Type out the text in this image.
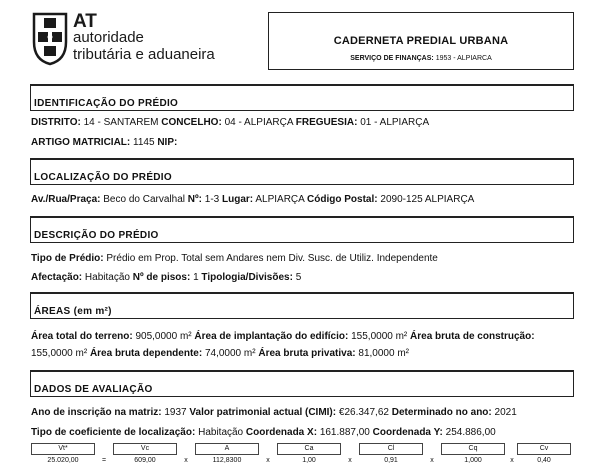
AT
autoridade
tributária e aduaneira
CADERNETA PREDIAL URBANA
SERVIÇO DE FINANÇAS: 1953 - ALPIARCA
IDENTIFICAÇÃO DO PRÉDIO
DISTRITO: 14 - SANTAREM CONCELHO: 04 - ALPIARÇA FREGUESIA: 01 - ALPIARÇA
ARTIGO MATRICIAL: 1145 NIP:
LOCALIZAÇÃO DO PRÉDIO
Av./Rua/Praça: Beco do Carvalhal Nº: 1-3 Lugar: ALPIARÇA Código Postal: 2090-125 ALPIARÇA
DESCRIÇÃO DO PRÉDIO
Tipo de Prédio: Prédio em Prop. Total sem Andares nem Div. Susc. de Utiliz. Independente
Afectação: Habitação Nº de pisos: 1 Tipologia/Divisões: 5
ÁREAS (em m²)
Área total do terreno: 905,0000 m² Área de implantação do edifício: 155,0000 m² Área bruta de construção:
155,0000 m² Área bruta dependente: 74,0000 m² Área bruta privativa: 81,0000 m²
DADOS DE AVALIAÇÃO
Ano de inscrição na matriz: 1937 Valor patrimonial actual (CIMI): €26.347,62 Determinado no ano: 2021
Tipo de coeficiente de localização: Habitação Coordenada X: 161.887,00 Coordenada Y: 254.886,00
Vt*	Vc	A	Ca	Cl	Cq	Cv
25.020,00	=	609,00	x	112,8300	x	1,00	x	0,91	x	1,000	x	0,40
